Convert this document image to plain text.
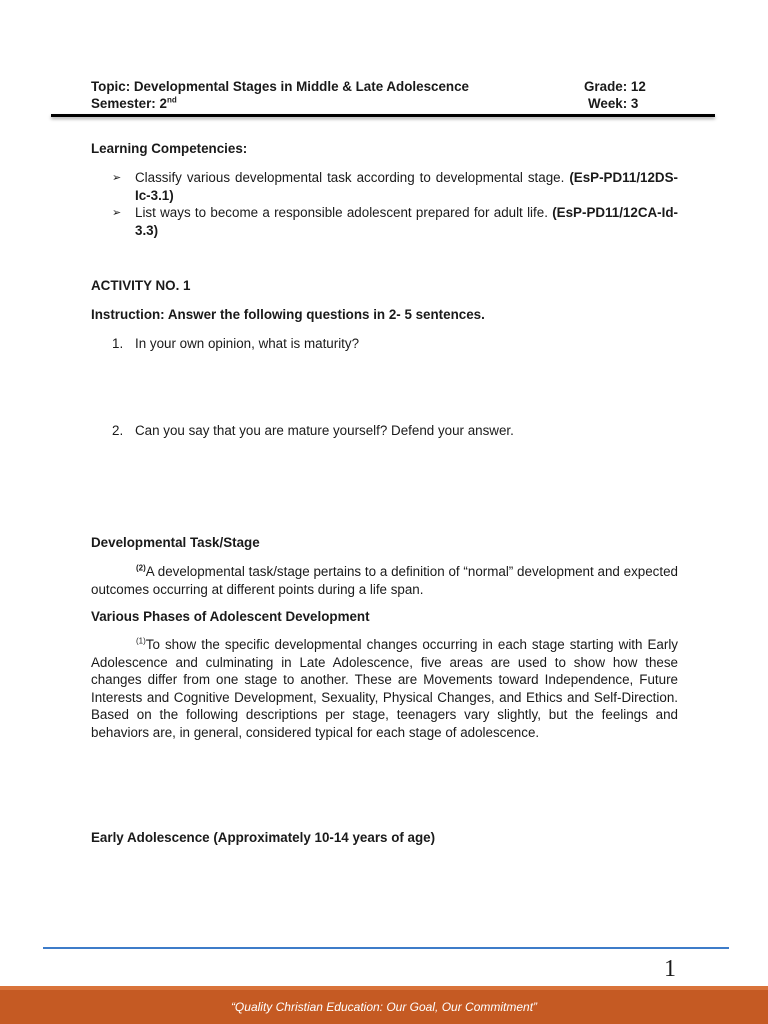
Topic: Developmental Stages in Middle & Late Adolescence	Grade: 12
Semester: 2nd	Week: 3
Learning Competencies:
➢	Classify various developmental task according to developmental stage. (EsP-PD11/12DS-Ic-3.1)
➢	List ways to become a responsible adolescent prepared for adult life. (EsP-PD11/12CA-Id-3.3)
ACTIVITY NO. 1
Instruction: Answer the following questions in 2- 5 sentences.
1. In your own opinion, what is maturity?
2. Can you say that you are mature yourself? Defend your answer.
Developmental Task/Stage
$^{(2)}$A developmental task/stage pertains to a definition of “normal” development and expected outcomes occurring at different points during a life span.
Various Phases of Adolescent Development
$^{(1)}$To show the specific developmental changes occurring in each stage starting with Early Adolescence and culminating in Late Adolescence, five areas are used to show how these changes differ from one stage to another. These are Movements toward Independence, Future Interests and Cognitive Development, Sexuality, Physical Changes, and Ethics and Self-Direction. Based on the following descriptions per stage, teenagers vary slightly, but the feelings and behaviors are, in general, considered typical for each stage of adolescence.
Early Adolescence (Approximately 10-14 years of age)
1
“Quality Christian Education: Our Goal, Our Commitment”
